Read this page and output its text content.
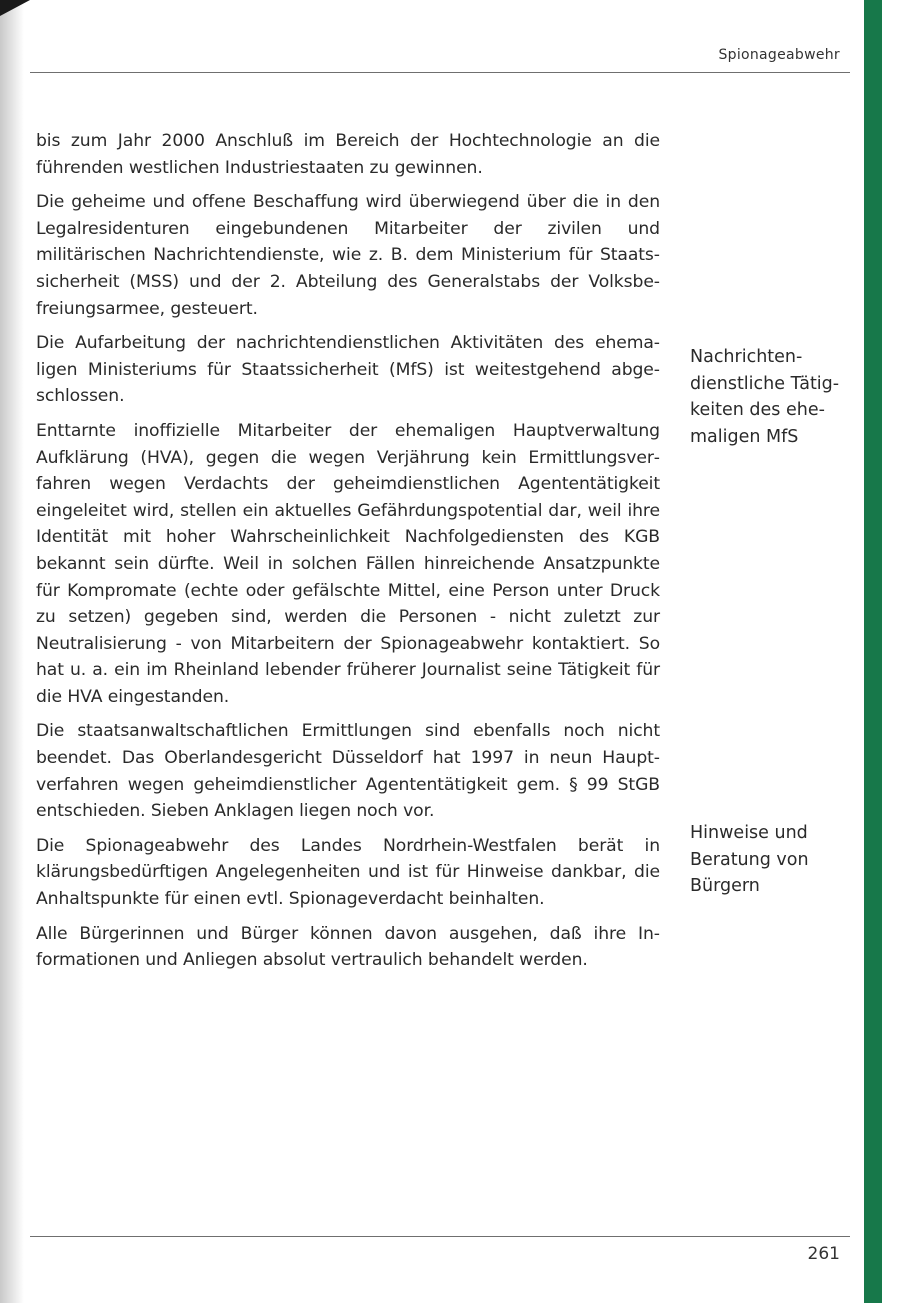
Spionageabwehr

bis zum Jahr 2000 Anschluß im Bereich der Hochtechnologie an die führenden westlichen Industriestaaten zu gewinnen.

Die geheime und offene Beschaffung wird überwiegend über die in den Legalresidenturen eingebundenen Mitarbeiter der zivilen und militärischen Nachrichtendienste, wie z. B. dem Ministerium für Staatssicherheit (MSS) und der 2. Abteilung des Generalstabs der Volksbefreiungsarmee, gesteuert.

Die Aufarbeitung der nachrichtendienstlichen Aktivitäten des ehemaligen Ministeriums für Staatssicherheit (MfS) ist weitestgehend abgeschlossen.

Enttarnte inoffizielle Mitarbeiter der ehemaligen Hauptverwaltung Aufklärung (HVA), gegen die wegen Verjährung kein Ermittlungsverfahren wegen Verdachts der geheimdienstlichen Agententätigkeit eingeleitet wird, stellen ein aktuelles Gefährdungspotential dar, weil ihre Identität mit hoher Wahrscheinlichkeit Nachfolgediensten des KGB bekannt sein dürfte. Weil in solchen Fällen hinreichende Ansatzpunkte für Kompromate (echte oder gefälschte Mittel, eine Person unter Druck zu setzen) gegeben sind, werden die Personen - nicht zuletzt zur Neutralisierung - von Mitarbeitern der Spionageabwehr kontaktiert. So hat u. a. ein im Rheinland lebender früherer Journalist seine Tätigkeit für die HVA eingestanden.

Die staatsanwaltschaftlichen Ermittlungen sind ebenfalls noch nicht beendet. Das Oberlandesgericht Düsseldorf hat 1997 in neun Hauptverfahren wegen geheimdienstlicher Agententätigkeit gem. § 99 StGB entschieden. Sieben Anklagen liegen noch vor.

Die Spionageabwehr des Landes Nordrhein-Westfalen berät in klärungsbedürftigen Angelegenheiten und ist für Hinweise dankbar, die Anhaltspunkte für einen evtl. Spionageverdacht beinhalten.

Alle Bürgerinnen und Bürger können davon ausgehen, daß ihre Informationen und Anliegen absolut vertraulich behandelt werden.

Nachrichtendienstliche Tätigkeiten des ehemaligen MfS

Hinweise und Beratung von Bürgern

261
